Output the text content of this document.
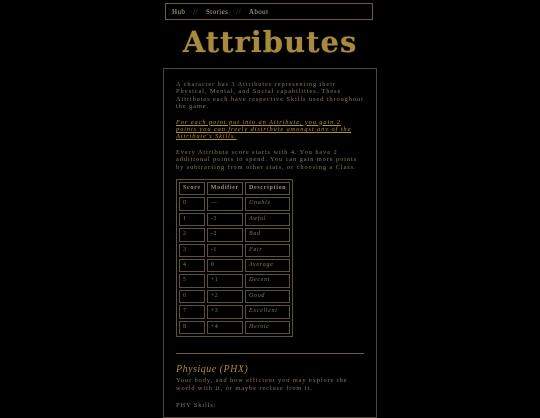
Hub // Stories // About
Attributes

A character has 3 Attributes representing their Physical, Mental, and Social capabilities. These Attributes each have respective Skills used throughout the game.

For each point put into an Attribute, you gain 2 points you can freely distribute amongst any of the Attribute's Skills.

Every Attribute score starts with 4. You have 2 additional points to spend. You can gain more points by subtracting from other stats, or choosing a Class.

Score	Modifier	Description
0	—	Unable
1	-3	Awful
2	-2	Bad
3	-1	Fair
4	0	Average
5	+1	Decent
6	+2	Good
7	+3	Excellent
8	+4	Heroic
Physique (PHX)
Your body, and how efficient you may explore the world with it, or maybe recluse from it.
PHY Skills:
